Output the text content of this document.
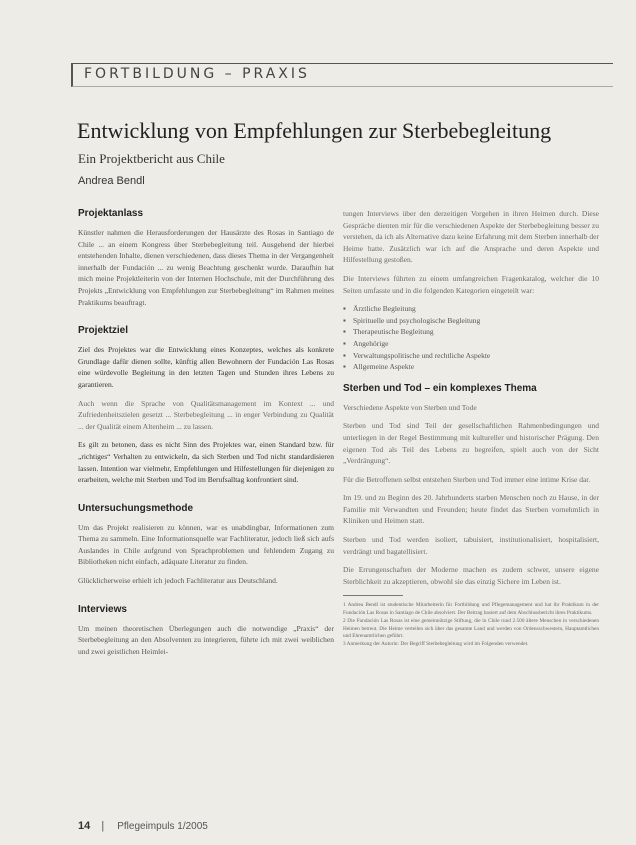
FORTBILDUNG – PRAXIS
Entwicklung von Empfehlungen zur Sterbebegleitung
Ein Projektbericht aus Chile
Andrea Bendl
Projektanlass

Künstler nahmen die Herausforderungen der Hausärzte des Rosas in Santiago de Chile ... an einem Kongress über Sterbebegleitung teil. Ausgehend der hierbei entstehenden Inhalte, dienen verschiedenen, dass dieses Thema in der Vergangenheit innerhalb der Fundación ... zu wenig Beachtung geschenkt wurde. Daraufhin hat mich meine Projektleiterin von der Internen Hochschule, mit der Durchführung des Projekts „Entwicklung von Empfehlungen zur Sterbebegleitung“ im Rahmen meines Praktikums beauftragt.

Projektziel

Ziel des Projektes war die Entwicklung eines Konzeptes, welches als konkrete Grundlage dafür dienen sollte, künftig allen Bewohnern der Fundación Las Rosas eine würdevolle Begleitung in den letzten Tagen und Stunden ihres Lebens zu garantieren.

Auch wenn die Sprache von Qualitätsmanagement im Kontext ... und Zufriedenheitszielen gesetzt ... Sterbebegleitung ... in enger Verbindung zu Qualität ... der Qualität einem Altenheim ... zu lassen.

Es gilt zu betonen, dass es nicht Sinn des Projektes war, einen Standard bzw. für „richtiges“ Verhalten zu entwickeln, da sich Sterben und Tod nicht standardisieren lassen. Intention war vielmehr, Empfehlungen und Hilfestellungen für diejenigen zu erarbeiten, welche mit Sterben und Tod im Berufsalltag konfrontiert sind.

Untersuchungsmethode

Um das Projekt realisieren zu können, war es unabdingbar, Informationen zum Thema zu sammeln. Eine Informationsquelle war Fachliteratur, jedoch ließ sich aufs Auslandes in Chile aufgrund von Sprachproblemen und fehlendem Zugang zu Bibliotheken nicht einfach, adäquate Literatur zu finden.

Glücklicherweise erhielt ich jedoch Fachliteratur aus Deutschland.

Interviews

Um meinen theoretischen Überlegungen auch die notwendige „Praxis“ der Sterbebegleitung an den Absolventen zu integrieren, führte ich mit zwei weiblichen und zwei geistlichen Heimlei-

tungen Interviews über den derzeitigen Vorgehen in ihren Heimen durch. Diese Gespräche dienten mir für die verschiedenen Aspekte der Sterbebegleitung besser zu verstehen, da ich als Alternative dazu keine Erfahrung mit dem Sterben innerhalb der Heime hatte. Zusätzlich war ich auf die Ansprache und deren Aspekte und Hilfestellung gestoßen.

Die Interviews führten zu einem umfangreichen Fragenkatalog, welcher die 10 Seiten umfasste und in die folgenden Kategorien eingeteilt war:

▪ Ärztliche Begleitung
▪ Spirituelle und psychologische Begleitung
▪ Therapeutische Begleitung
▪ Angehörige
▪ Verwaltungspolitische und rechtliche Aspekte
▪ Allgemeine Aspekte
Sterben und Tod – ein komplexes Thema

Verschiedene Aspekte von Sterben und Tode

Sterben und Tod sind Teil der gesellschaftlichen Rahmenbedingungen und unterliegen in der Regel Bestimmung mit kultureller und historischer Prägung. Den eigenen Tod als Teil des Lebens zu begreifen, spielt auch von der Sicht „Verdrängung“.

Für die Betroffenen selbst entstehen Sterben und Tod immer eine intime Krise dar.

Im 19. und zu Beginn des 20. Jahrhunderts starben Menschen noch zu Hause, in der Familie mit Verwandten und Freunden; heute findet das Sterben vornehmlich in Kliniken und Heimen statt.

Sterben und Tod werden isoliert, tabuisiert, institutionalisiert, hospitalisiert, verdrängt und bagatellisiert.

Die Errungenschaften der Moderne machen es zudem schwer, unsere eigene Sterblichkeit zu akzeptieren, obwohl sie das einzig Sichere im Leben ist.

1 Andrea Bendl ist studentische Mitarbeiterin für Fortbildung und Pflegemanagement und hat ihr Praktikum in der Fundación Las Rosas in Santiago de Chile absolviert. Der Beitrag basiert auf dem Abschlussbericht ihres Praktikums.

2 Die Fundación Las Rosas ist eine gemeinnützige Stiftung, die in Chile rund 2.500 ältere Menschen in verschiedenen Heimen betreut. Die Heime verteilen sich über das gesamte Land und werden von Ordensschwestern, Hauptamtlichen und Ehrenamtlichen geführt.

3 Anmerkung der Autorin: Der Begriff Sterbebegleitung wird im Folgenden verwendet.

14 | Pflegeimpuls 1/2005
